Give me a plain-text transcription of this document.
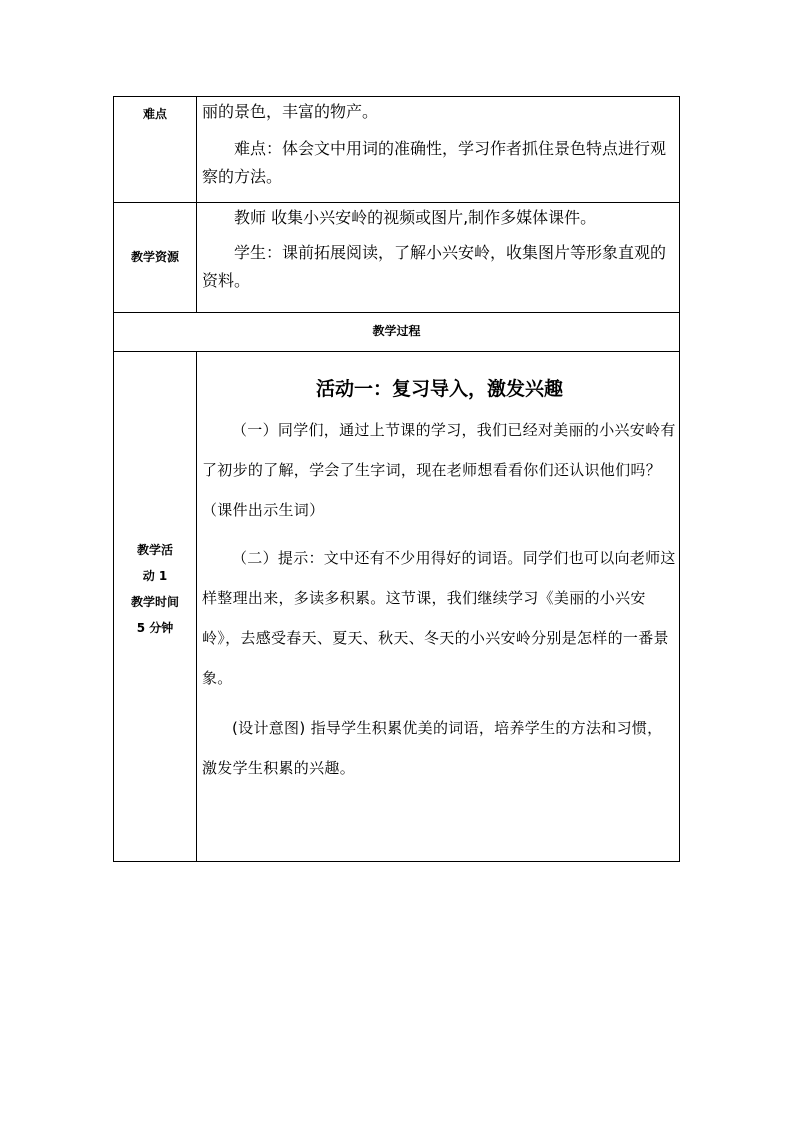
难点	丽的景色，丰富的物产。

难点：体会文中用词的准确性，学习作者抓住景色特点进行观察的方法。

教学资源

教师 收集小兴安岭的视频或图片,制作多媒体课件。

学生：课前拓展阅读，了解小兴安岭，收集图片等形象直观的资料。

教学过程
教学活
动 1
教学时间
5 分钟

活动一：复习导入，激发兴趣

（一）同学们，通过上节课的学习，我们已经对美丽的小兴安岭有了初步的了解，学会了生字词，现在老师想看看你们还认识他们吗？（课件出示生词）

（二）提示：文中还有不少用得好的词语。同学们也可以向老师这样整理出来，多读多积累。这节课，我们继续学习《美丽的小兴安岭》，去感受春天、夏天、秋天、冬天的小兴安岭分别是怎样的一番景象。

(设计意图) 指导学生积累优美的词语，培养学生的方法和习惯，激发学生积累的兴趣。
